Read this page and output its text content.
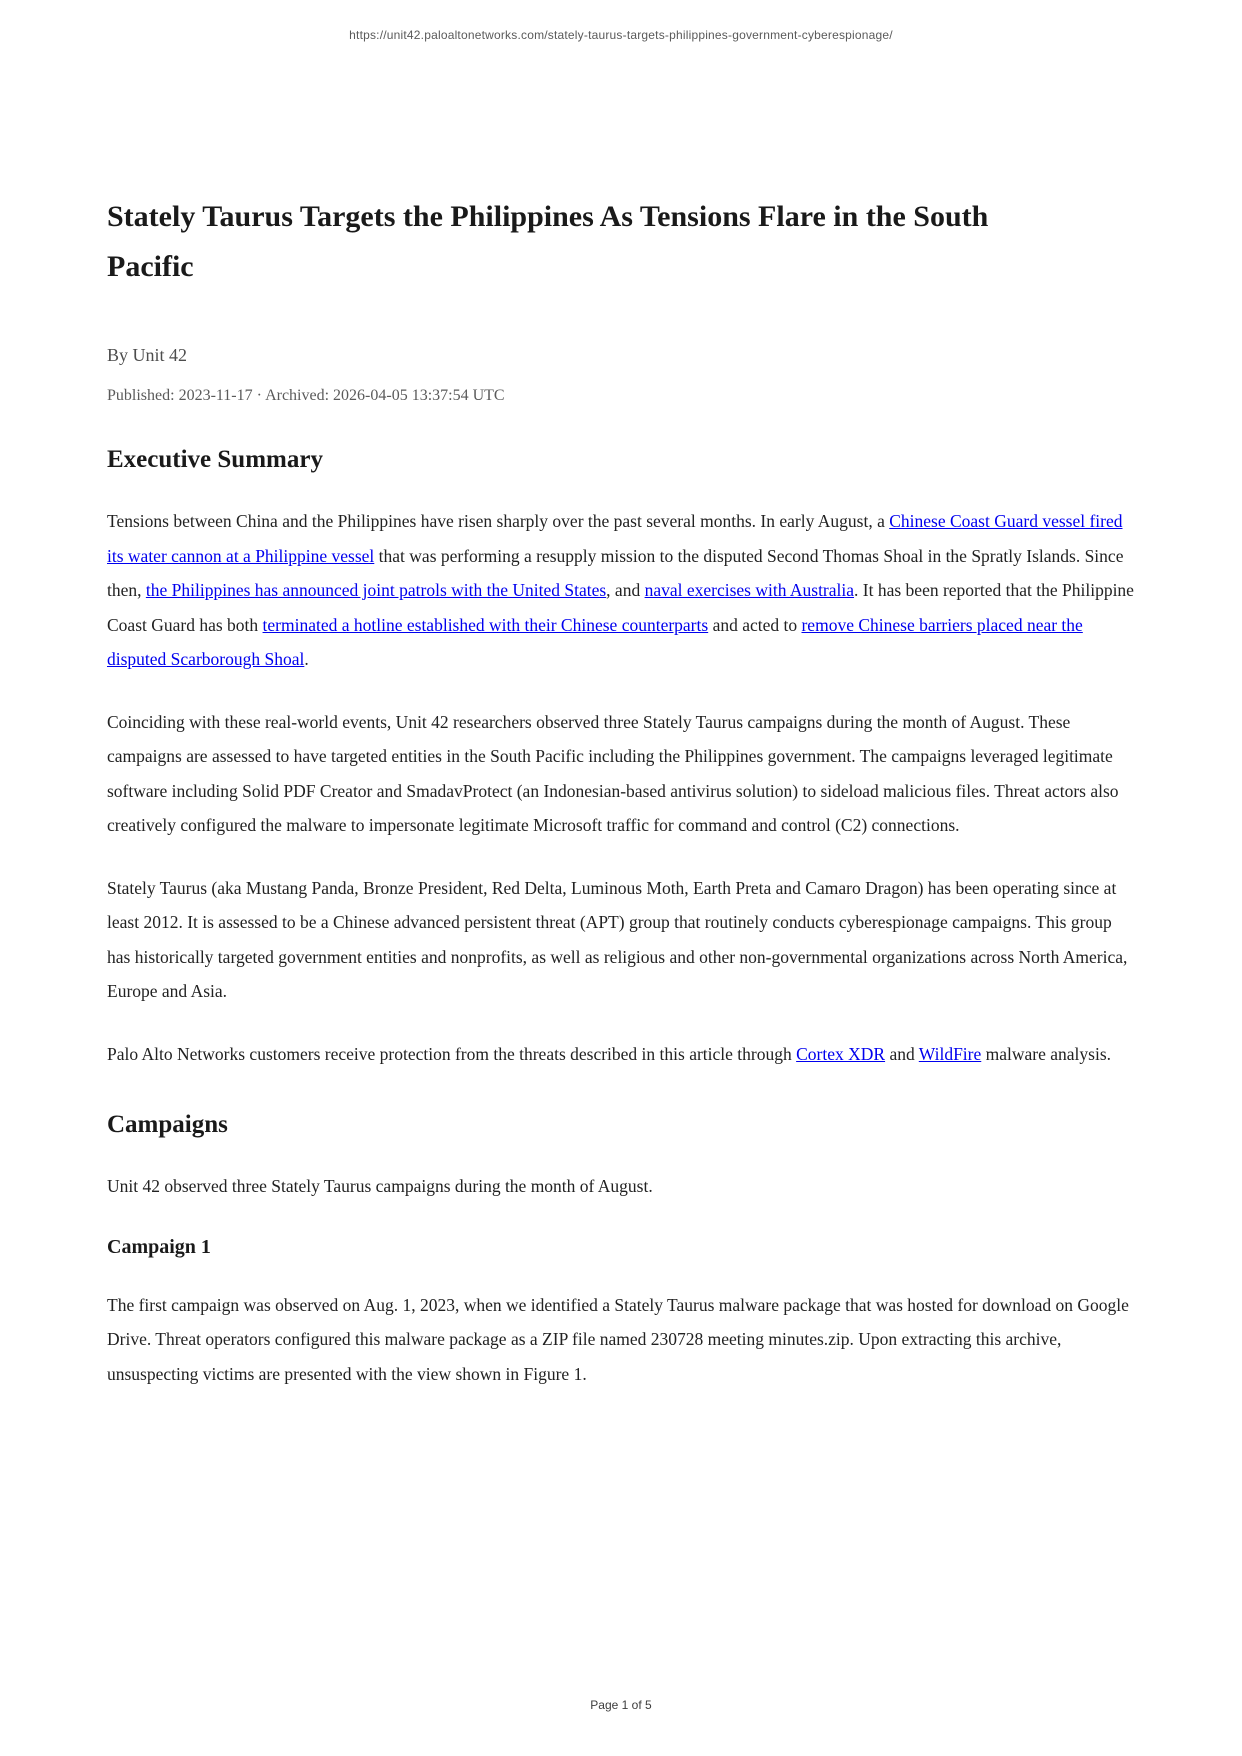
https://unit42.paloaltonetworks.com/stately-taurus-targets-philippines-government-cyberespionage/
Stately Taurus Targets the Philippines As Tensions Flare in the South Pacific
By Unit 42
Published: 2023-11-17 · Archived: 2026-04-05 13:37:54 UTC
Executive Summary

Tensions between China and the Philippines have risen sharply over the past several months. In early August, a Chinese Coast Guard vessel fired its water cannon at a Philippine vessel that was performing a resupply mission to the disputed Second Thomas Shoal in the Spratly Islands. Since then, the Philippines has announced joint patrols with the United States, and naval exercises with Australia. It has been reported that the Philippine Coast Guard has both terminated a hotline established with their Chinese counterparts and acted to remove Chinese barriers placed near the disputed Scarborough Shoal.

Coinciding with these real-world events, Unit 42 researchers observed three Stately Taurus campaigns during the month of August. These campaigns are assessed to have targeted entities in the South Pacific including the Philippines government. The campaigns leveraged legitimate software including Solid PDF Creator and SmadavProtect (an Indonesian-based antivirus solution) to sideload malicious files. Threat actors also creatively configured the malware to impersonate legitimate Microsoft traffic for command and control (C2) connections.

Stately Taurus (aka Mustang Panda, Bronze President, Red Delta, Luminous Moth, Earth Preta and Camaro Dragon) has been operating since at least 2012. It is assessed to be a Chinese advanced persistent threat (APT) group that routinely conducts cyberespionage campaigns. This group has historically targeted government entities and nonprofits, as well as religious and other non-governmental organizations across North America, Europe and Asia.

Palo Alto Networks customers receive protection from the threats described in this article through Cortex XDR and WildFire malware analysis.

Campaigns

Unit 42 observed three Stately Taurus campaigns during the month of August.

Campaign 1

The first campaign was observed on Aug. 1, 2023, when we identified a Stately Taurus malware package that was hosted for download on Google Drive. Threat operators configured this malware package as a ZIP file named 230728 meeting minutes.zip. Upon extracting this archive, unsuspecting victims are presented with the view shown in Figure 1.

Page 1 of 5
